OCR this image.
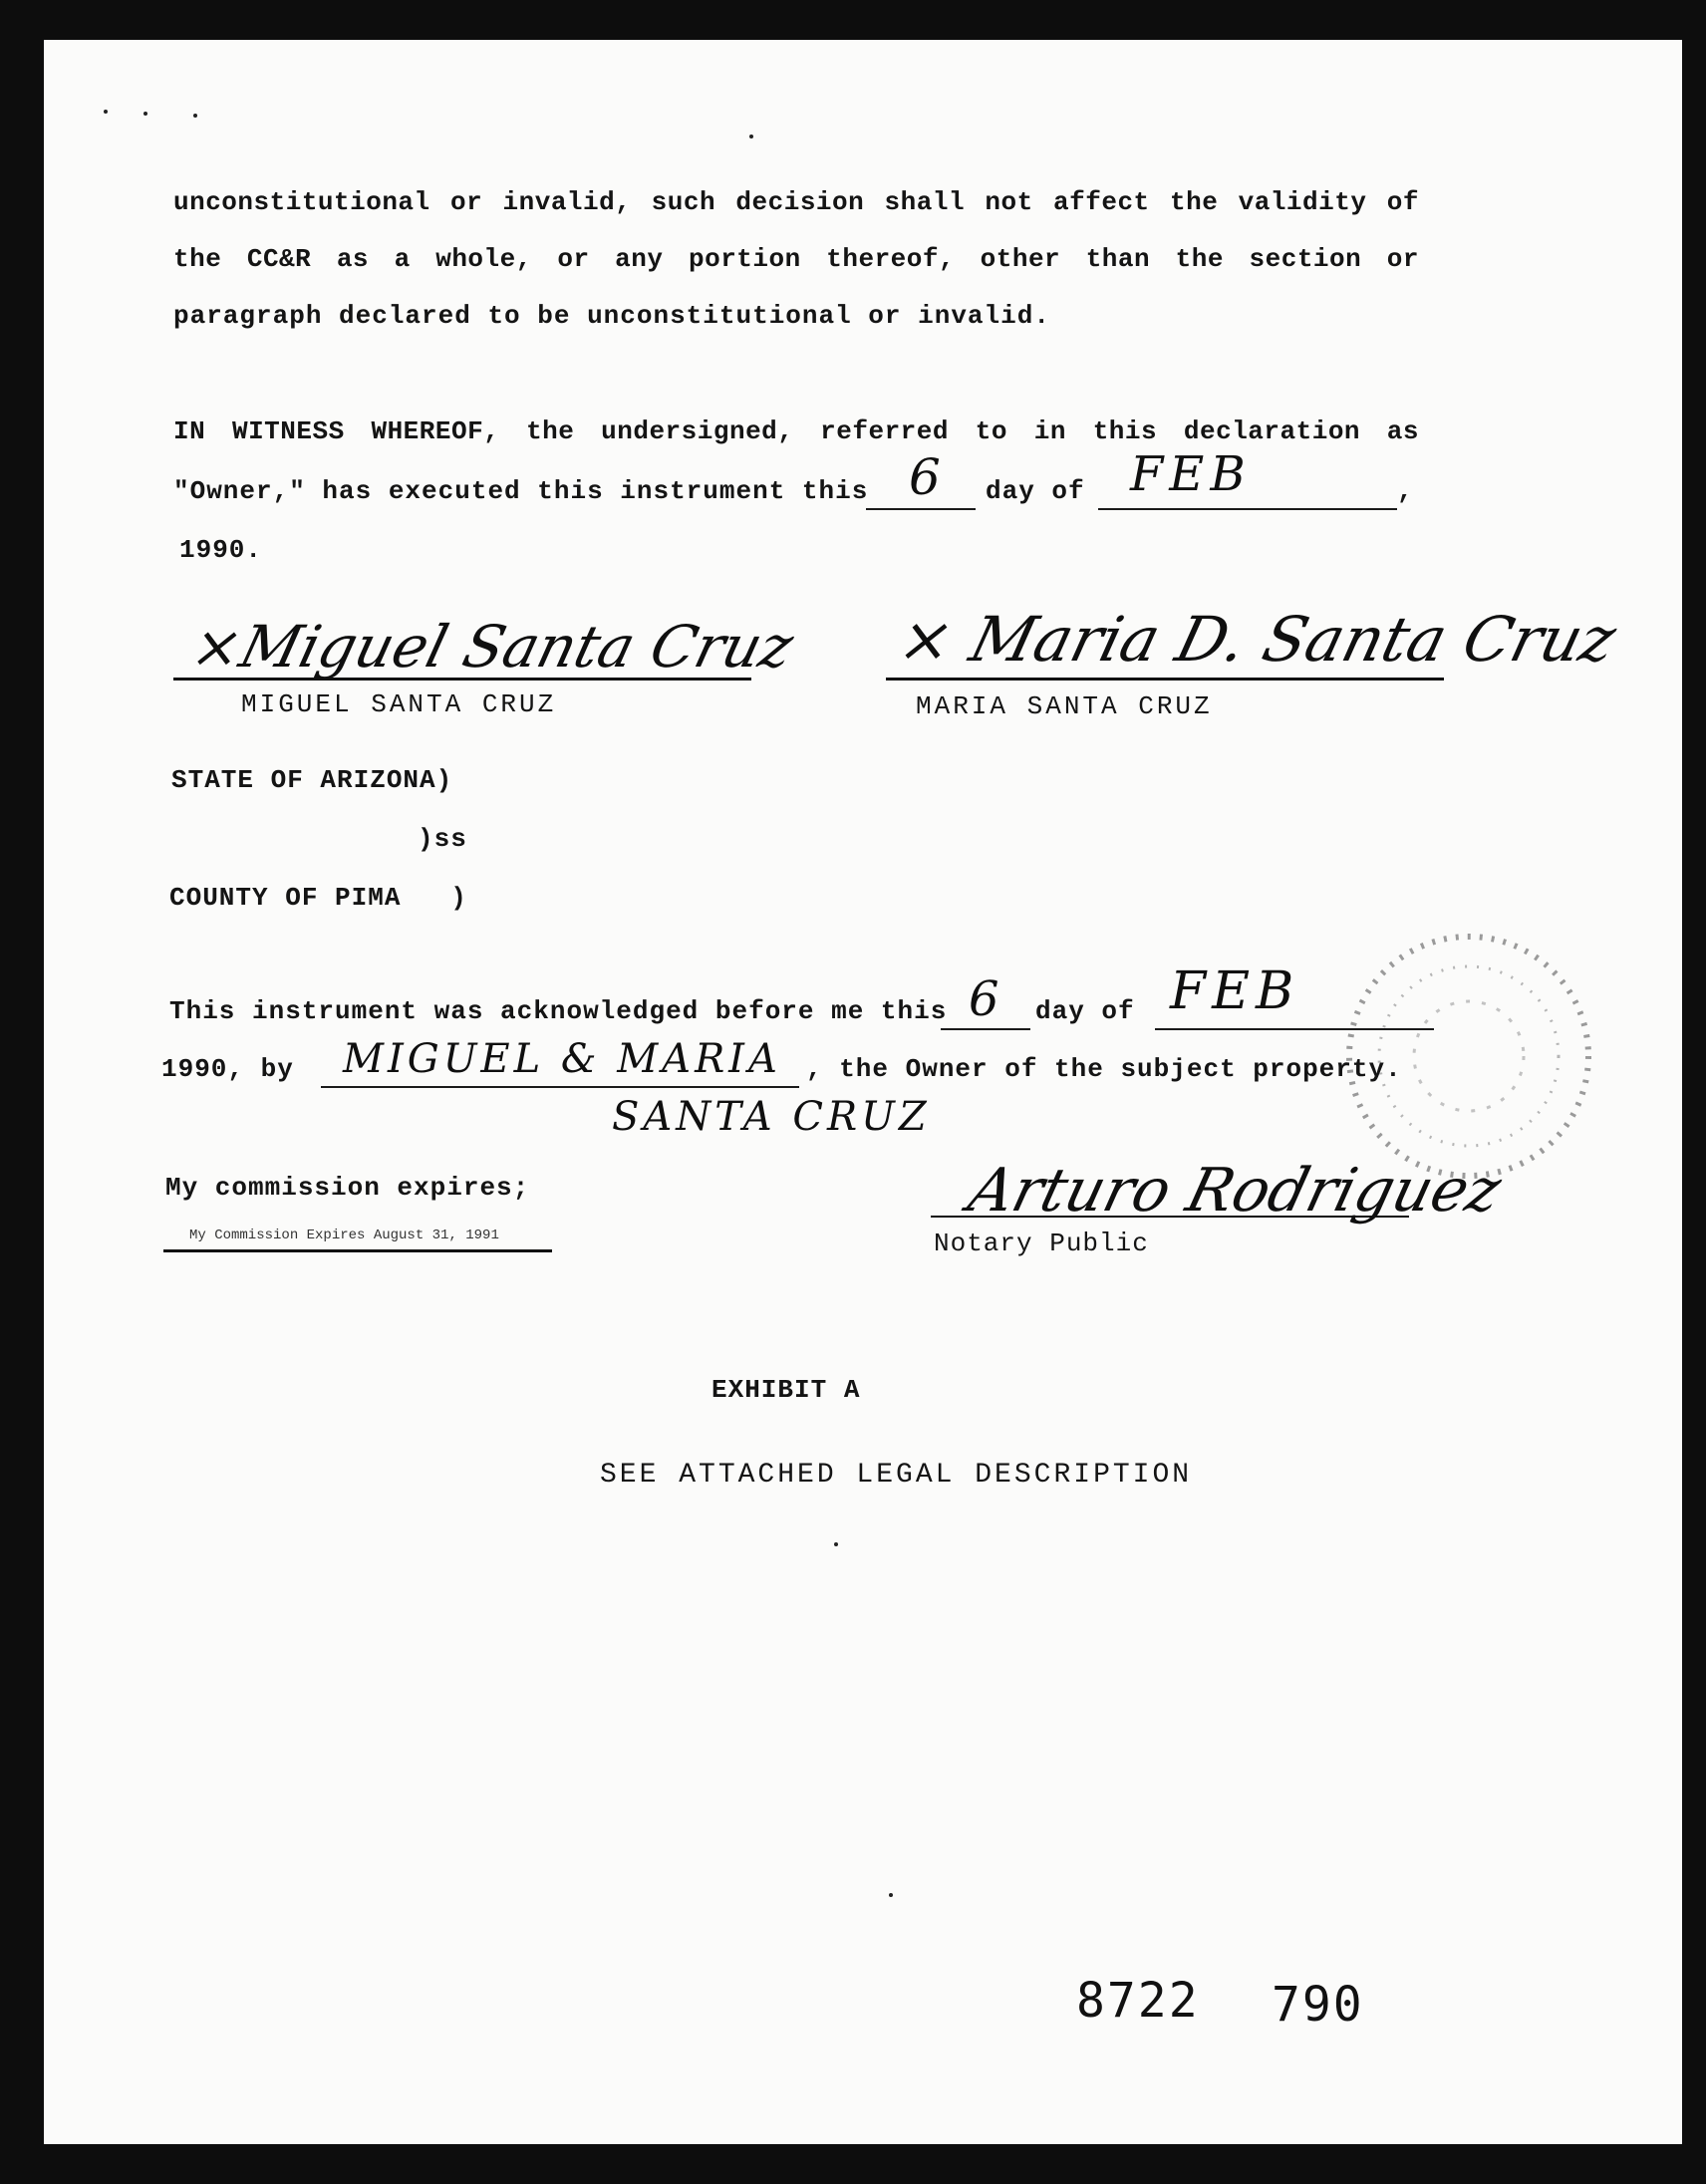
unconstitutional or invalid, such decision shall not affect the validity of
the CC&R as a whole, or any portion thereof, other than the section or
paragraph declared to be unconstitutional or invalid.
IN WITNESS WHEREOF, the undersigned, referred to in this declaration as
"Owner," has executed this instrument this 6 day of FEB	,
1990.
×Miguel Santa Cruz
MIGUEL SANTA CRUZ
× Maria D. Santa Cruz
MARIA SANTA CRUZ
STATE OF ARIZONA)
)ss
COUNTY OF PIMA   )
This instrument was acknowledged before me this 6 day of FEB
1990, by MIGUEL & MARIA
SANTA CRUZ
, the Owner of the subject property.
My commission expires;
My Commission Expires August 31, 1991
Arturo Rodriguez
Notary Public
EXHIBIT A
SEE ATTACHED LEGAL DESCRIPTION
8722 790
